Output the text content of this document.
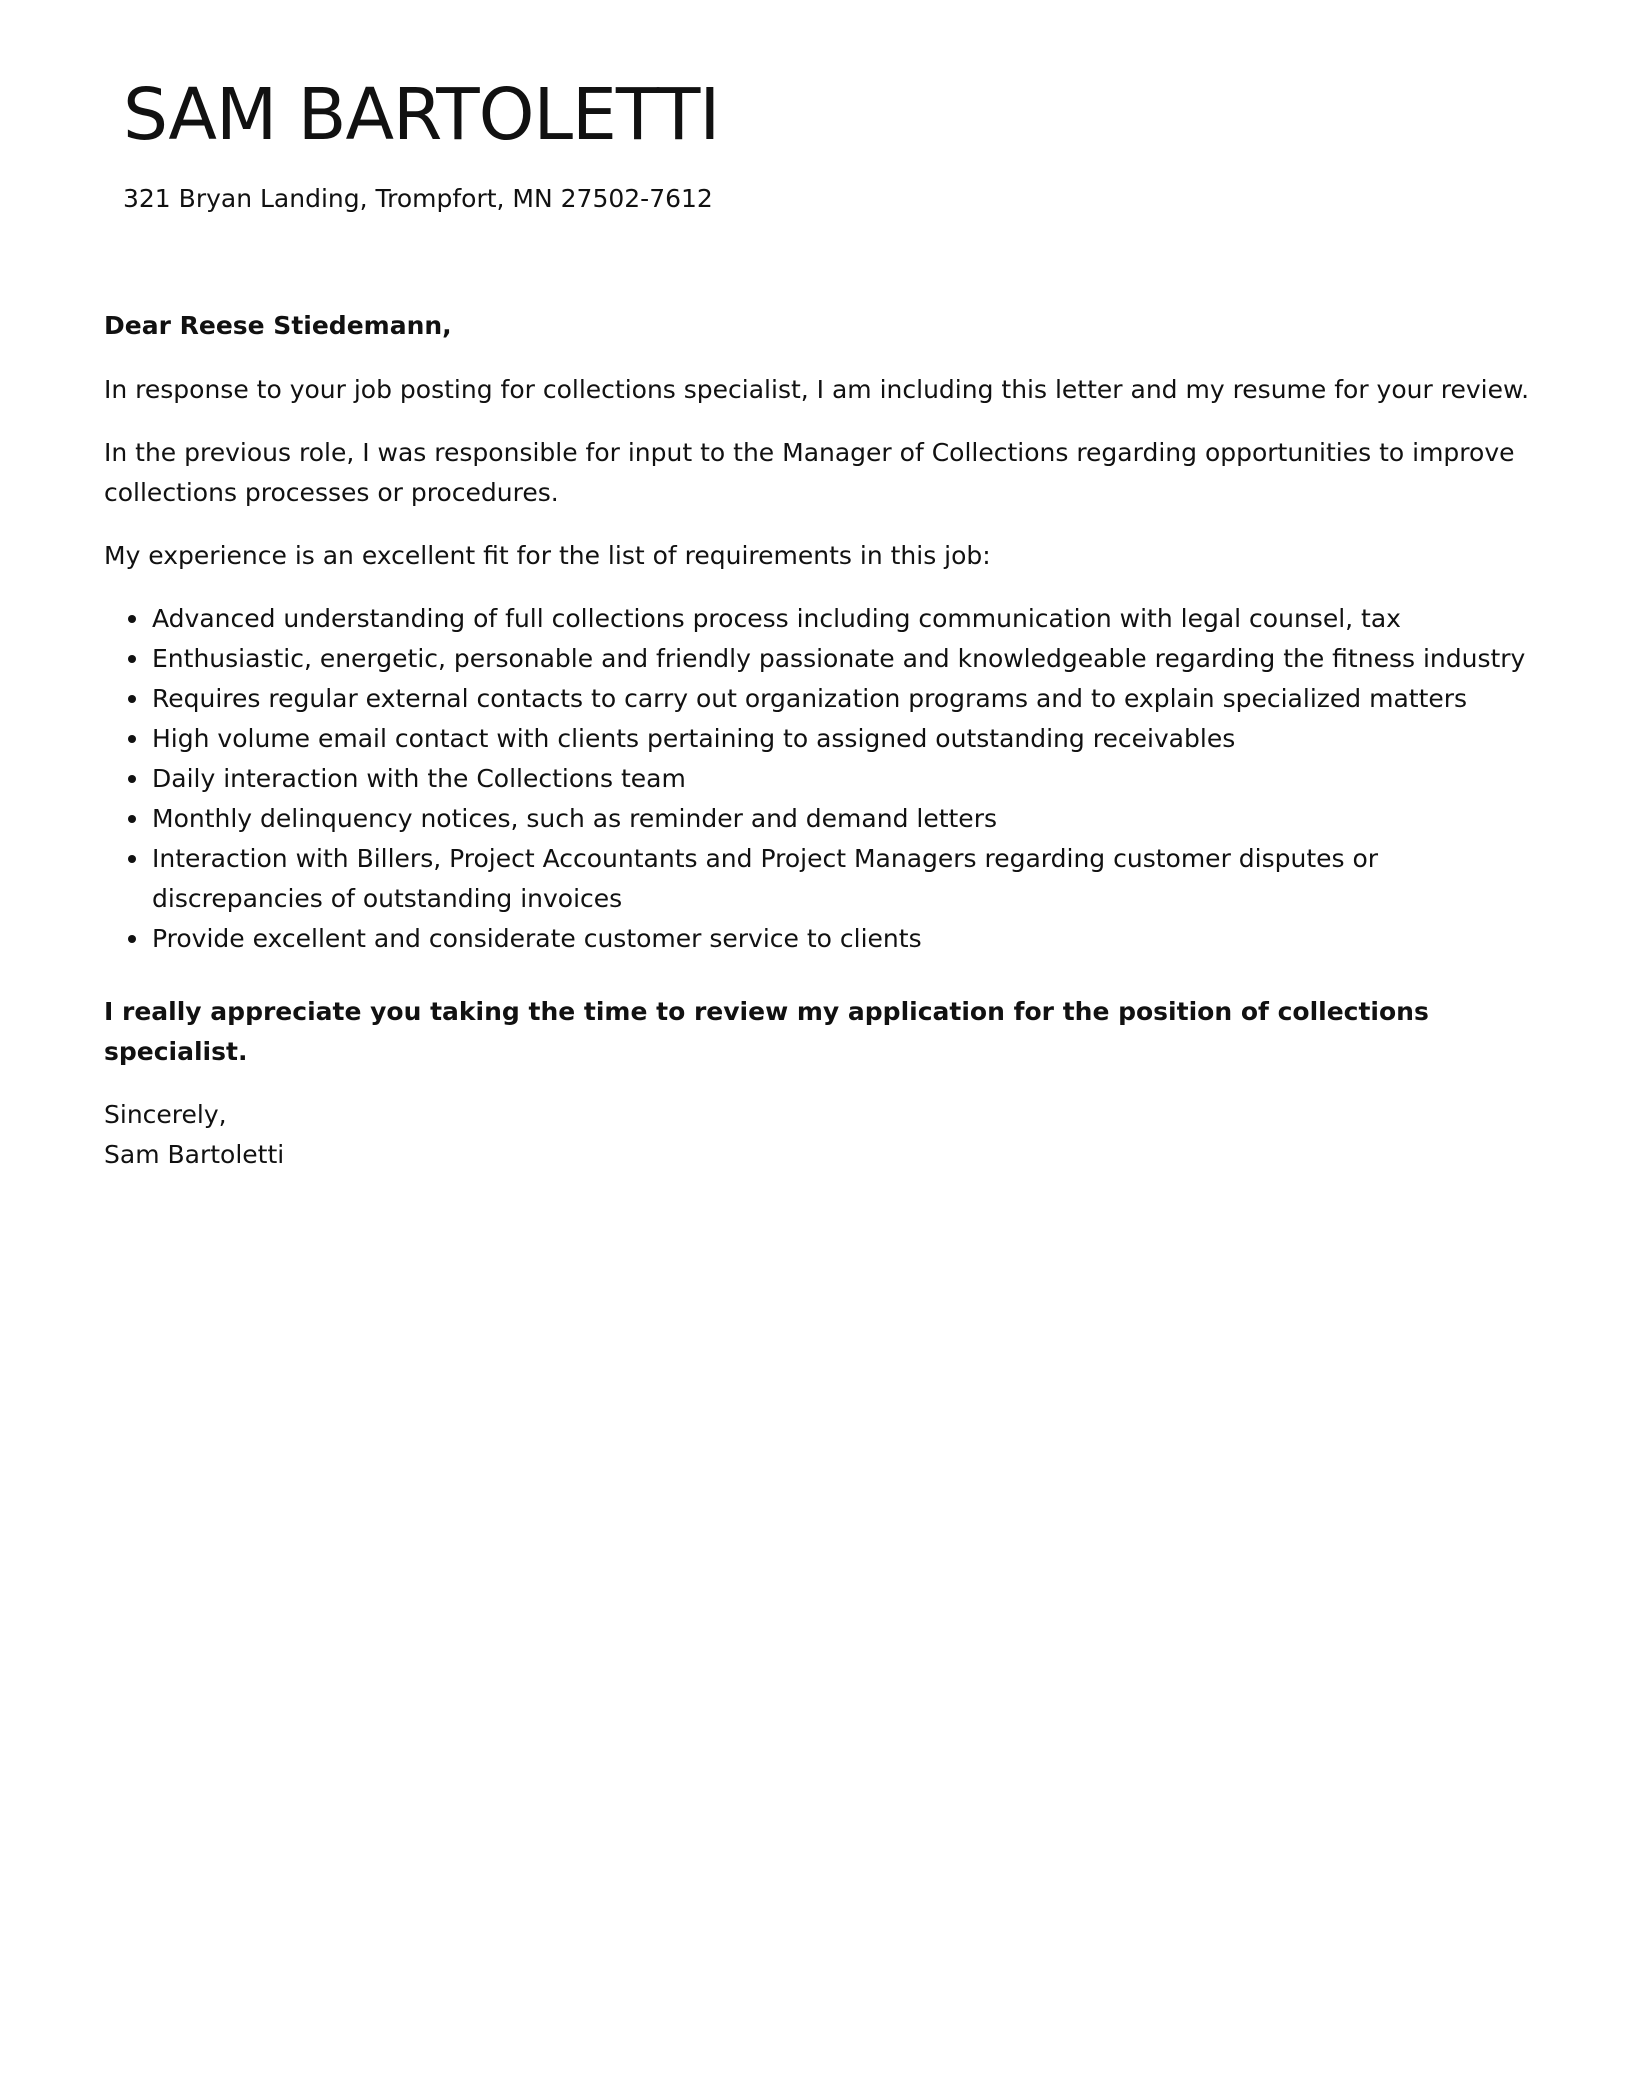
SAM BARTOLETTI
321 Bryan Landing, Trompfort, MN 27502-7612

Dear Reese Stiedemann,

In response to your job posting for collections specialist, I am including this letter and my resume for your review.

In the previous role, I was responsible for input to the Manager of Collections regarding opportunities to improve collections processes or procedures.

My experience is an excellent fit for the list of requirements in this job:

Advanced understanding of full collections process including communication with legal counsel, tax
Enthusiastic, energetic, personable and friendly passionate and knowledgeable regarding the fitness industry
Requires regular external contacts to carry out organization programs and to explain specialized matters
High volume email contact with clients pertaining to assigned outstanding receivables
Daily interaction with the Collections team
Monthly delinquency notices, such as reminder and demand letters
Interaction with Billers, Project Accountants and Project Managers regarding customer disputes or discrepancies of outstanding invoices
Provide excellent and considerate customer service to clients

I really appreciate you taking the time to review my application for the position of collections specialist.

Sincerely,

Sam Bartoletti
